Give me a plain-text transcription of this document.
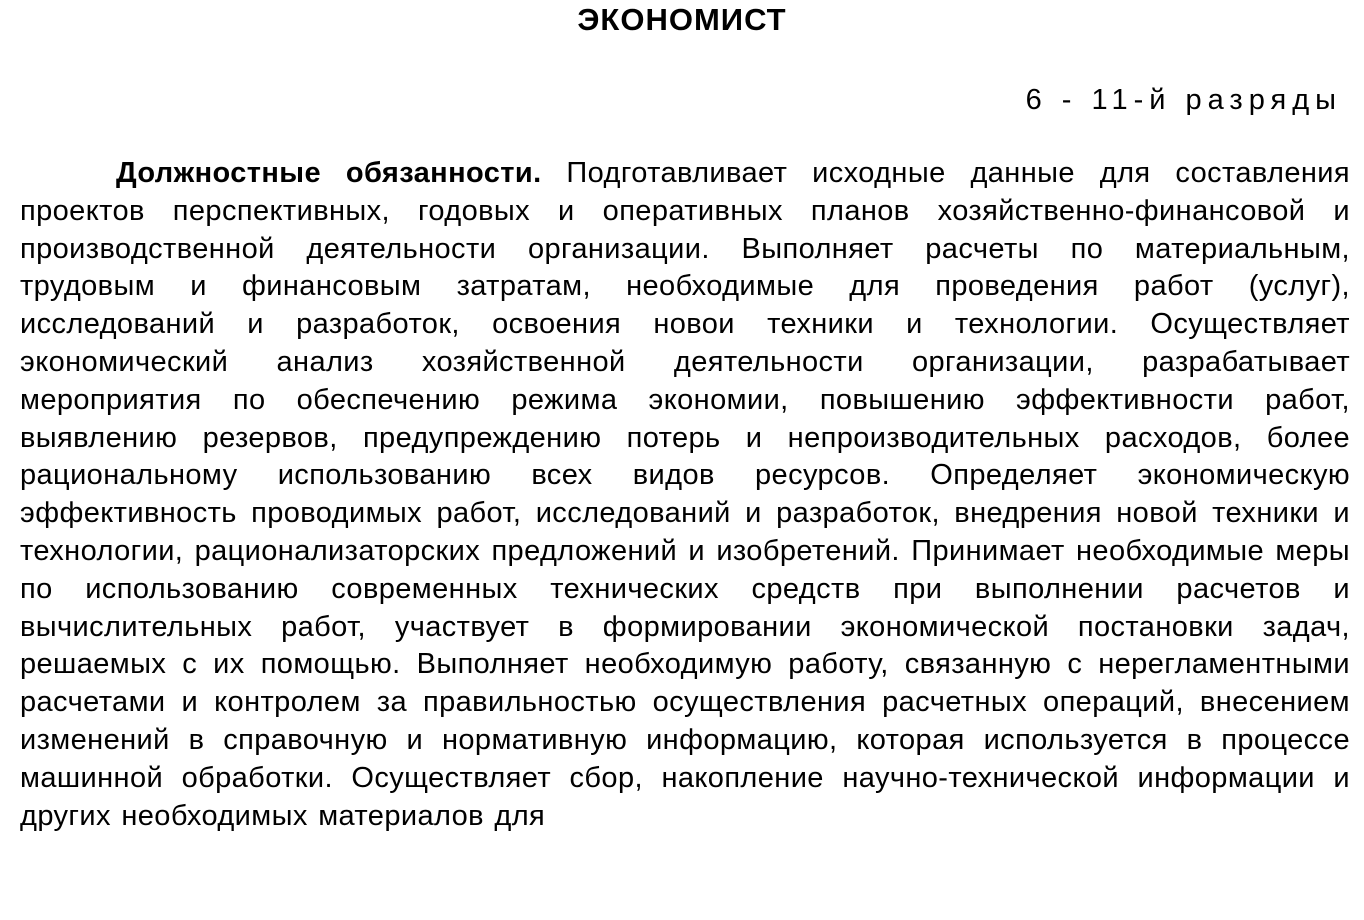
ЭКОНОМИСТ
6 - 11-й разряды

Должностные обязанности. Подготавливает исходные данные для составления проектов перспективных, годовых и оперативных планов хозяйственно-финансовой и производственной деятельности организации. Выполняет расчеты по материальным, трудовым и финансовым затратам, необходимые для проведения работ (услуг), исследований и разработок, освоения новои техники и технологии. Осуществляет экономический анализ хозяйственной деятельности организации, разрабатывает мероприятия по обеспечению режима экономии, повышению эффективности работ, выявлению резервов, предупреждению потерь и непроизводительных расходов, более рациональному использованию всех видов ресурсов. Определяет экономическую эффективность проводимых работ, исследований и разработок, внедрения новой техники и технологии, рационализаторских предложений и изобретений. Принимает необходимые меры по использованию современных технических средств при выполнении расчетов и вычислительных работ, участвует в формировании экономической постановки задач, решаемых с их помощью. Выполняет необходимую работу, связанную с нерегламентными расчетами и контролем за правильностью осуществления расчетных операций, внесением изменений в справочную и нормативную информацию, которая используется в процессе машинной обработки. Осуществляет сбор, накопление научно-технической информации и других необходимых материалов для
